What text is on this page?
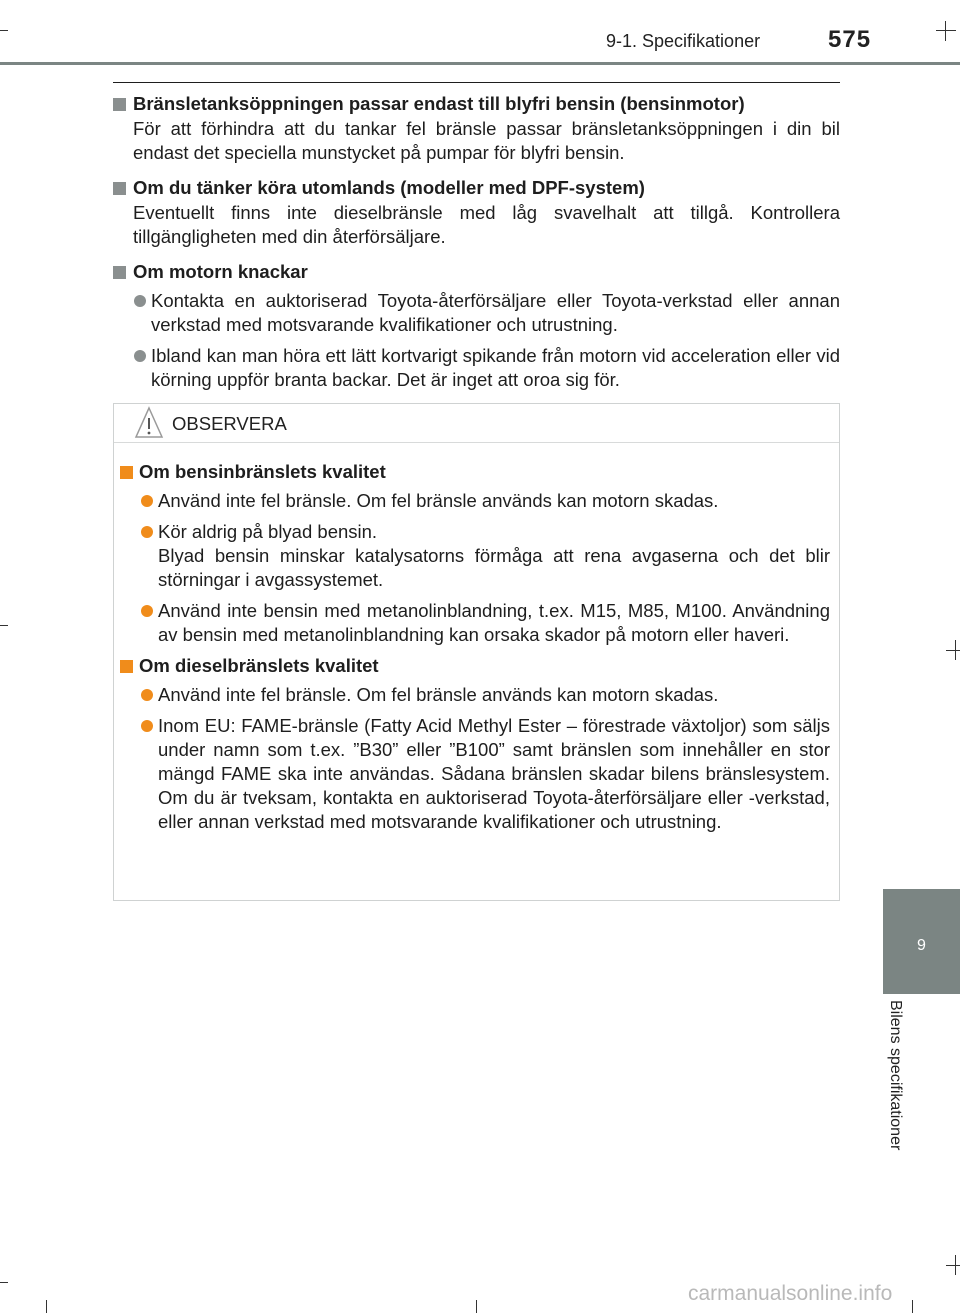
9-1. Specifikationer	575

Bränsletanksöppningen passar endast till blyfri bensin (bensinmotor)

För att förhindra att du tankar fel bränsle passar bränsletanksöppningen i din bil endast det speciella munstycket på pumpar för blyfri bensin.

Om du tänker köra utomlands (modeller med DPF-system)

Eventuellt finns inte dieselbränsle med låg svavelhalt att tillgå. Kontrollera tillgängligheten med din återförsäljare.

Om motorn knackar

Kontakta en auktoriserad Toyota-återförsäljare eller Toyota-verkstad eller annan verkstad med motsvarande kvalifikationer och utrustning.
Ibland kan man höra ett lätt kortvarigt spikande från motorn vid acceleration eller vid körning uppför branta backar. Det är inget att oroa sig för.
OBSERVERA

Om bensinbränslets kvalitet

Använd inte fel bränsle. Om fel bränsle används kan motorn skadas.
Kör aldrig på blyad bensin.
Blyad bensin minskar katalysatorns förmåga att rena avgaserna och det blir störningar i avgassystemet.
Använd inte bensin med metanolinblandning, t.ex. M15, M85, M100. Användning av bensin med metanolinblandning kan orsaka skador på motorn eller haveri.

Om dieselbränslets kvalitet

Använd inte fel bränsle. Om fel bränsle används kan motorn skadas.
Inom EU: FAME-bränsle (Fatty Acid Methyl Ester – förestrade växtoljor) som säljs under namn som t.ex. ”B30” eller ”B100” samt bränslen som innehåller en stor mängd FAME ska inte användas. Sådana bränslen skadar bilens bränslesystem. Om du är tveksam, kontakta en auktoriserad Toyota-återförsäljare eller -verkstad, eller annan verkstad med motsvarande kvalifikationer och utrustning.
9
Bilens specifikationer
carmanualsonline.info
